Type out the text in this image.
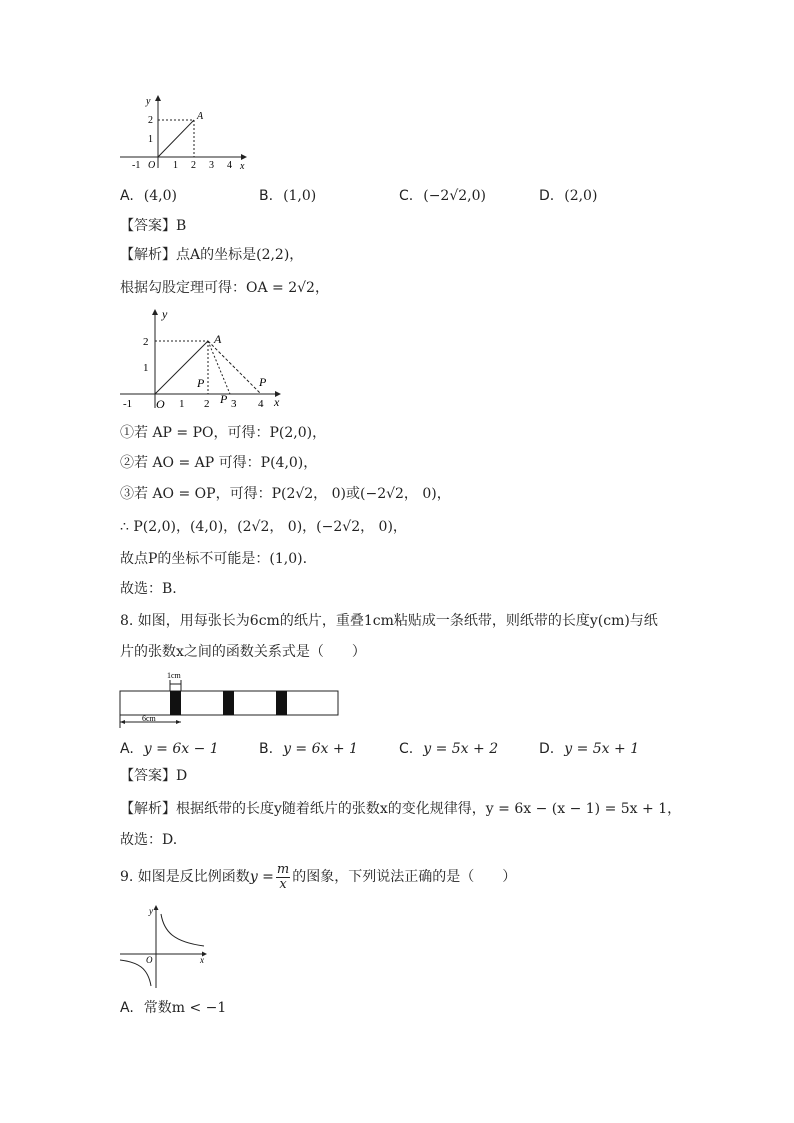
y
x
O
2
1
-1	1 2 3 4
A
A. (4,0)	B. (1,0)	C. (−2√2,0)	D. (2,0)
【答案】B
【解析】点A的坐标是(2,2)，
根据勾股定理可得：OA = 2√2，
y
x
O
2
1
-1	1 2 3 4
A
P
P
P
①若 AP = PO，可得：P(2,0)，
②若 AO = AP 可得：P(4,0)，
③若 AO = OP，可得：P(2√2， 0)或(−2√2， 0)，
∴ P(2,0)，(4,0)，(2√2， 0)，(−2√2， 0)，
故点P的坐标不可能是：(1,0).
故选：B.
8. 如图，用每张长为6cm的纸片，重叠1cm粘贴成一条纸带，则纸带的长度y(cm)与纸
片的张数x之间的函数关系式是（　　）
1cm
6cm
A. y = 6x − 1	B. y = 6x + 1	C. y = 5x + 2	D. y = 5x + 1
【答案】D
【解析】根据纸带的长度y随着纸片的张数x的变化规律得，y = 6x − (x − 1) = 5x + 1，
故选：D.
9. 如图是反比例函数$y = \frac{m}{x}$ 的图象，下列说法正确的是（　　）
y
x
O
A. 常数m < −1
